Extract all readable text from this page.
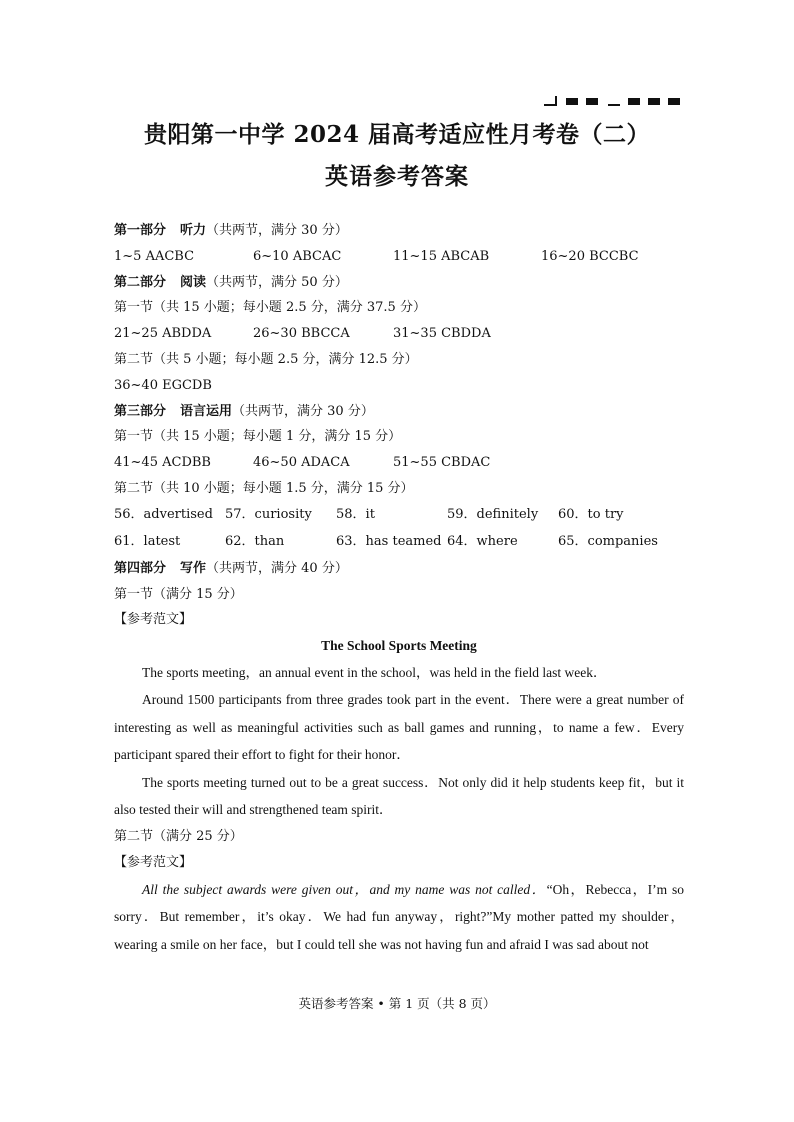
贵阳第一中学 2024 届高考适应性月考卷（二）
英语参考答案
第一部分 听力（共两节，满分 30 分）
1~5 AACBC	6~10 ABCAC	11~15 ABCAB	16~20 BCCBC
第二部分 阅读（共两节，满分 50 分）
第一节（共 15 小题；每小题 2.5 分，满分 37.5 分）
21~25 ABDDA	26~30 BBCCA	31~35 CBDDA
第二节（共 5 小题；每小题 2.5 分，满分 12.5 分）
36~40 EGCDB
第三部分 语言运用（共两节，满分 30 分）
第一节（共 15 小题；每小题 1 分，满分 15 分）
41~45 ACDBB	46~50 ADACA	51~55 CBDAC
第二节（共 10 小题；每小题 1.5 分，满分 15 分）
56．advertised 57．curiosity 58．it	59．definitely 60．to try
61．latest	62．than	63．has teamed 64．where	65．companies
第四部分 写作（共两节，满分 40 分）
第一节（满分 15 分）
【参考范文】
The School Sports Meeting

The sports meeting，an annual event in the school，was held in the field last week．

Around 1500 participants from three grades took part in the event．There were a great number of interesting as well as meaningful activities such as ball games and running，to name a few．Every participant spared their effort to fight for their honor．

The sports meeting turned out to be a great success．Not only did it help students keep fit，but it also tested their will and strengthened team spirit．

第二节（满分 25 分）
【参考范文】

All the subject awards were given out，and my name was not called．“Oh，Rebecca，I’m so sorry．But remember，it’s okay．We had fun anyway，right?”My mother patted my shoulder，wearing a smile on her face，but I could tell she was not having fun and afraid I was sad about not

英语参考答案 • 第 1 页（共 8 页）
